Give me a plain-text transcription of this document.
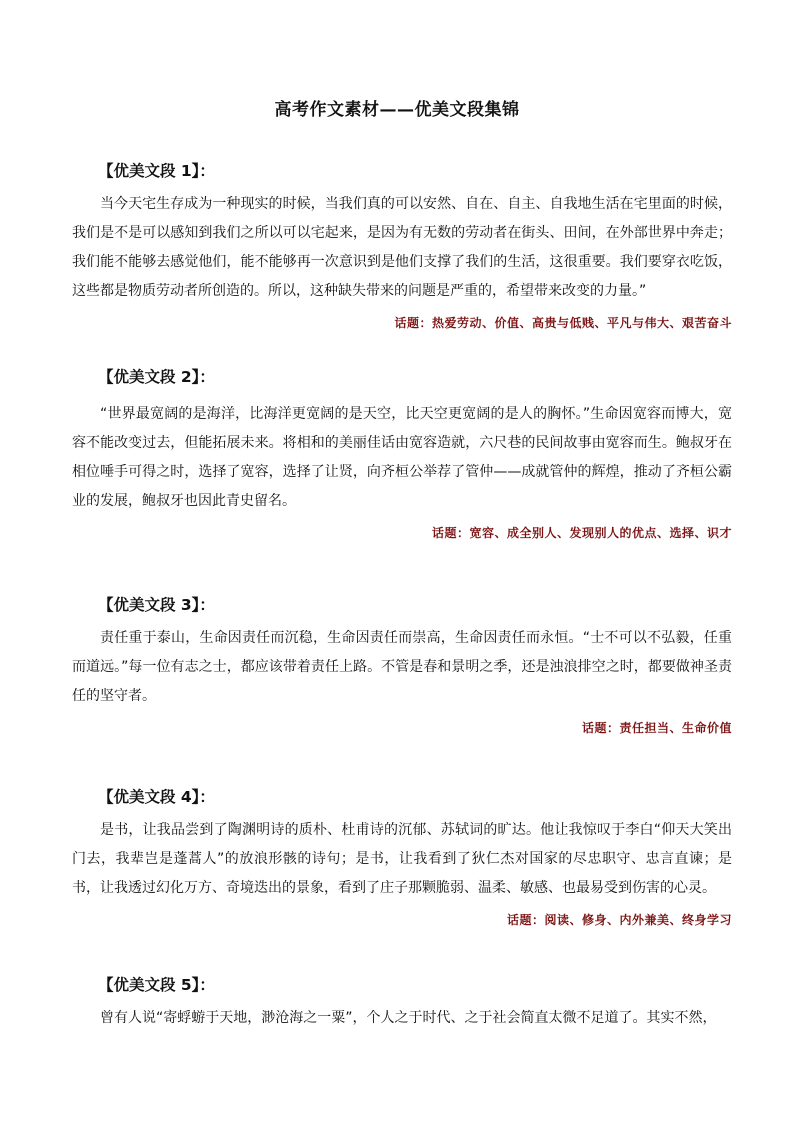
高考作文素材——优美文段集锦
【优美文段 1】：

当今天宅生存成为一种现实的时候，当我们真的可以安然、自在、自主、自我地生活在宅里面的时候，我们是不是可以感知到我们之所以可以宅起来，是因为有无数的劳动者在街头、田间，在外部世界中奔走；我们能不能够去感觉他们，能不能够再一次意识到是他们支撑了我们的生活，这很重要。我们要穿衣吃饭，这些都是物质劳动者所创造的。所以，这种缺失带来的问题是严重的，希望带来改变的力量。”

话题：热爱劳动、价值、高贵与低贱、平凡与伟大、艰苦奋斗
【优美文段 2】：

“世界最宽阔的是海洋，比海洋更宽阔的是天空，比天空更宽阔的是人的胸怀。”生命因宽容而博大，宽容不能改变过去，但能拓展未来。将相和的美丽佳话由宽容造就，六尺巷的民间故事由宽容而生。鲍叔牙在相位唾手可得之时，选择了宽容，选择了让贤，向齐桓公举荐了管仲——成就管仲的辉煌，推动了齐桓公霸业的发展，鲍叔牙也因此青史留名。

话题：宽容、成全别人、发现别人的优点、选择、识才
【优美文段 3】：

责任重于泰山，生命因责任而沉稳，生命因责任而崇高，生命因责任而永恒。“士不可以不弘毅，任重而道远。”每一位有志之士，都应该带着责任上路。不管是春和景明之季，还是浊浪排空之时，都要做神圣责任的坚守者。

话题：责任担当、生命价值
【优美文段 4】：

是书，让我品尝到了陶渊明诗的质朴、杜甫诗的沉郁、苏轼词的旷达。他让我惊叹于李白“仰天大笑出门去，我辈岂是蓬蒿人”的放浪形骸的诗句；是书，让我看到了狄仁杰对国家的尽忠职守、忠言直谏；是书，让我透过幻化万方、奇境迭出的景象，看到了庄子那颗脆弱、温柔、敏感、也最易受到伤害的心灵。

话题：阅读、修身、内外兼美、终身学习
【优美文段 5】：

曾有人说“寄蜉蝣于天地，渺沧海之一粟”，个人之于时代、之于社会简直太微不足道了。其实不然，
